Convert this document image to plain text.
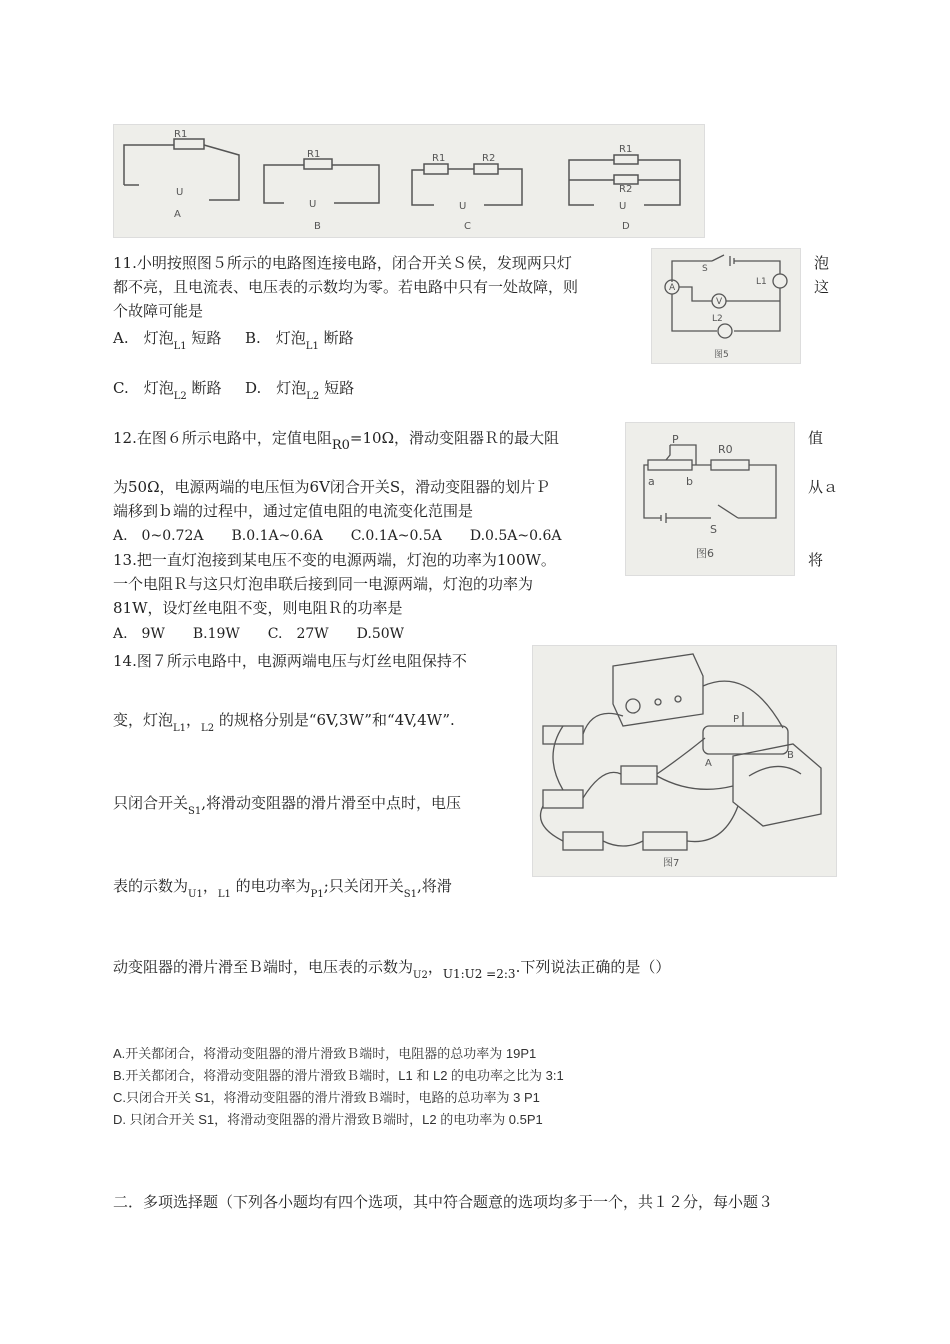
R1
R1	R1	R2
R1
R2
U
U	U	U
A
B	C	D
11.小明按照图５所示的电路图连接电路，闭合开关Ｓ侯，发现两只灯	泡
都不亮，且电流表、电压表的示数均为零。若电路中只有一处故障，则	这
个故障可能是
A.　灯泡$_{L1}$ 短路 B.　灯泡$_{L1}$ 断路
C.　灯泡$_{L2}$ 断路 D.　灯泡$_{L2}$ 短路
A
V
S
L1
L2
图5
12.在图６所示电路中，定值电阻R0=10Ω，滑动变阻器Ｒ的最大阻	值
为50Ω，电源两端的电压恒为6V闭合开关S，滑动变阻器的划片Ｐ	从ａ
端移到ｂ端的过程中，通过定值电阻的电流变化范围是
A.　0~0.72A　　B.0.1A~0.6A　　C.0.1A~0.5A　　D.0.5A~0.6A
P
R0
a	b
S
图6
13.把一直灯泡接到某电压不变的电源两端，灯泡的功率为100W。	将
一个电阻Ｒ与这只灯泡串联后接到同一电源两端，灯泡的功率为
81W，设灯丝电阻不变，则电阻Ｒ的功率是
A.　9W　　B.19W　　C.　27W　　D.50W
P
A
B
图7
14.图７所示电路中，电源两端电压与灯丝电阻保持不
变，灯泡$_{L1}$，$_{L2}$ 的规格分别是“6V,3W”和“4V,4W”.
只闭合开关$_{S1}$,将滑动变阻器的滑片滑至中点时，电压
表的示数为$_{U1}$，$_{L1}$ 的电功率为$_{P1}$;只关闭开关$_{S1}$,将滑
动变阻器的滑片滑至Ｂ端时，电压表的示数为$_{U2}$，$_{U1:U2 =2:3}$.下列说法正确的是（）
A.开关都闭合，将滑动变阻器的滑片滑致Ｂ端时，电阻器的总功率为 19P1
B.开关都闭合，将滑动变阻器的滑片滑致Ｂ端时，L1 和 L2 的电功率之比为 3:1
C.只闭合开关 S1，将滑动变阻器的滑片滑致Ｂ端时，电路的总功率为 3 P1
D. 只闭合开关 S1，将滑动变阻器的滑片滑致Ｂ端时，L2 的电功率为 0.5P1
二．多项选择题（下列各小题均有四个选项，其中符合题意的选项均多于一个，共１２分，每小题３
